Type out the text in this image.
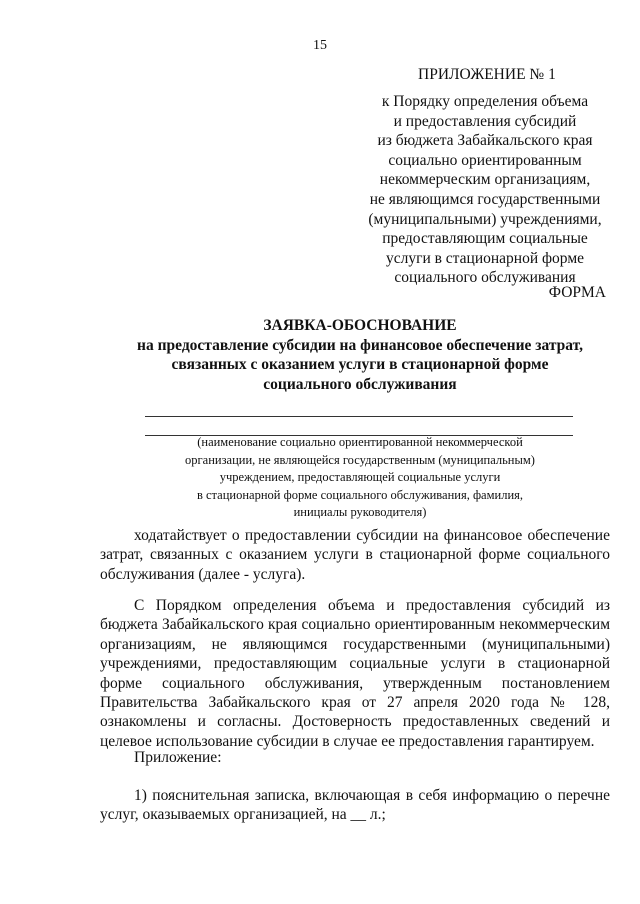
15
ПРИЛОЖЕНИЕ № 1
к Порядку определения объема
и предоставления субсидий
из бюджета Забайкальского края
социально ориентированным
некоммерческим организациям,
не являющимся государственными
(муниципальными) учреждениями,
предоставляющим социальные
услуги в стационарной форме
социального обслуживания
ФОРМА
ЗАЯВКА-ОБОСНОВАНИЕ
на предоставление субсидии на финансовое обеспечение затрат,
связанных с оказанием услуги в стационарной форме
социального обслуживания
(наименование социально ориентированной некоммерческой
организации, не являющейся государственным (муниципальным)
учреждением, предоставляющей социальные услуги
в стационарной форме социального обслуживания, фамилия,
инициалы руководителя)

ходатайствует о предоставлении субсидии на финансовое обеспечение затрат, связанных с оказанием услуги в стационарной форме социального обслуживания (далее - услуга).

С Порядком определения объема и предоставления субсидий из бюджета Забайкальского края социально ориентированным некоммерческим организациям, не являющимся государственными (муниципальными) учреждениями, предоставляющим социальные услуги в стационарной форме социального обслуживания, утвержденным постановлением Правительства Забайкальского края от 27 апреля 2020 года № 128, ознакомлены и согласны. Достоверность предоставленных сведений и целевое использование субсидии в случае ее предоставления гарантируем.

Приложение:

1) пояснительная записка, включающая в себя информацию о перечне услуг, оказываемых организацией, на __ л.;
